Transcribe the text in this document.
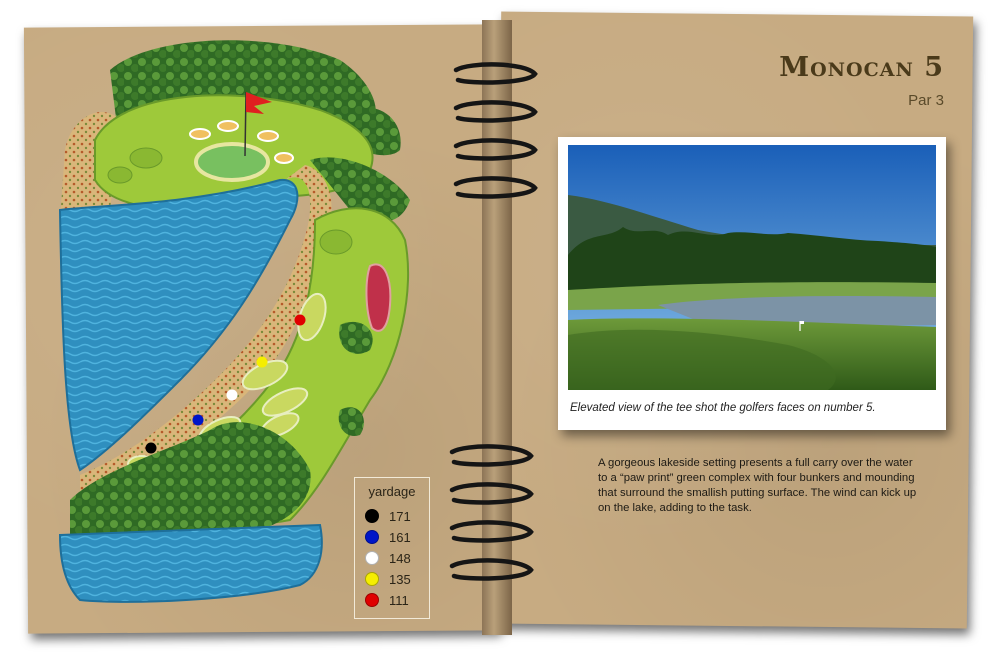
yardage
171
161
148
135
111
Monocan 5
Par 3
Elevated view of the tee shot the golfers faces on number 5.
A gorgeous lakeside setting presents a full carry over the water to a “paw print” green complex with four bunkers and mounding that surround the smallish putting surface. The wind can kick up on the lake, adding to the task.
